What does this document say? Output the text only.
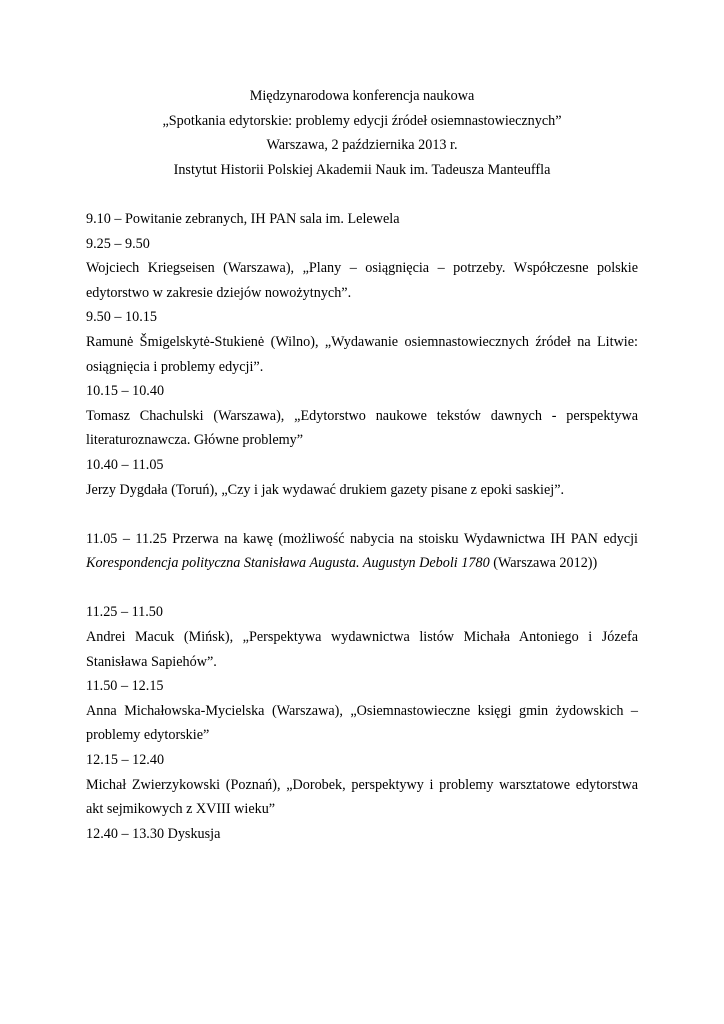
Międzynarodowa konferencja naukowa
„Spotkania edytorskie: problemy edycji źródeł osiemnastowiecznych”
Warszawa, 2 października 2013 r.
Instytut Historii Polskiej Akademii Nauk im. Tadeusza Manteuffla
9.10 – Powitanie zebranych, IH PAN sala im. Lelewela
9.25 – 9.50
Wojciech Kriegseisen (Warszawa), „Plany – osiągnięcia – potrzeby. Współczesne polskie edytorstwo w zakresie dziejów nowożytnych”.
9.50 – 10.15
Ramunė Šmigelskytė-Stukienė (Wilno), „Wydawanie osiemnastowiecznych źródeł na Litwie: osiągnięcia i problemy edycji”.
10.15 – 10.40
Tomasz Chachulski (Warszawa), „Edytorstwo naukowe tekstów dawnych - perspektywa literaturoznawcza. Główne problemy”
10.40 – 11.05
Jerzy Dygdała (Toruń), „Czy i jak wydawać drukiem gazety pisane z epoki saskiej”.
11.05 – 11.25 Przerwa na kawę (możliwość nabycia na stoisku Wydawnictwa IH PAN edycji Korespondencja polityczna Stanisława Augusta. Augustyn Deboli 1780 (Warszawa 2012))
11.25 – 11.50
Andrei Macuk (Mińsk), „Perspektywa wydawnictwa listów Michała Antoniego i Józefa Stanisława Sapiehów”.
11.50 – 12.15
Anna Michałowska-Mycielska (Warszawa), „Osiemnastowieczne księgi gmin żydowskich – problemy edytorskie”
12.15 – 12.40
Michał Zwierzykowski (Poznań), „Dorobek, perspektywy i problemy warsztatowe edytorstwa akt sejmikowych z XVIII wieku”
12.40 – 13.30 Dyskusja
